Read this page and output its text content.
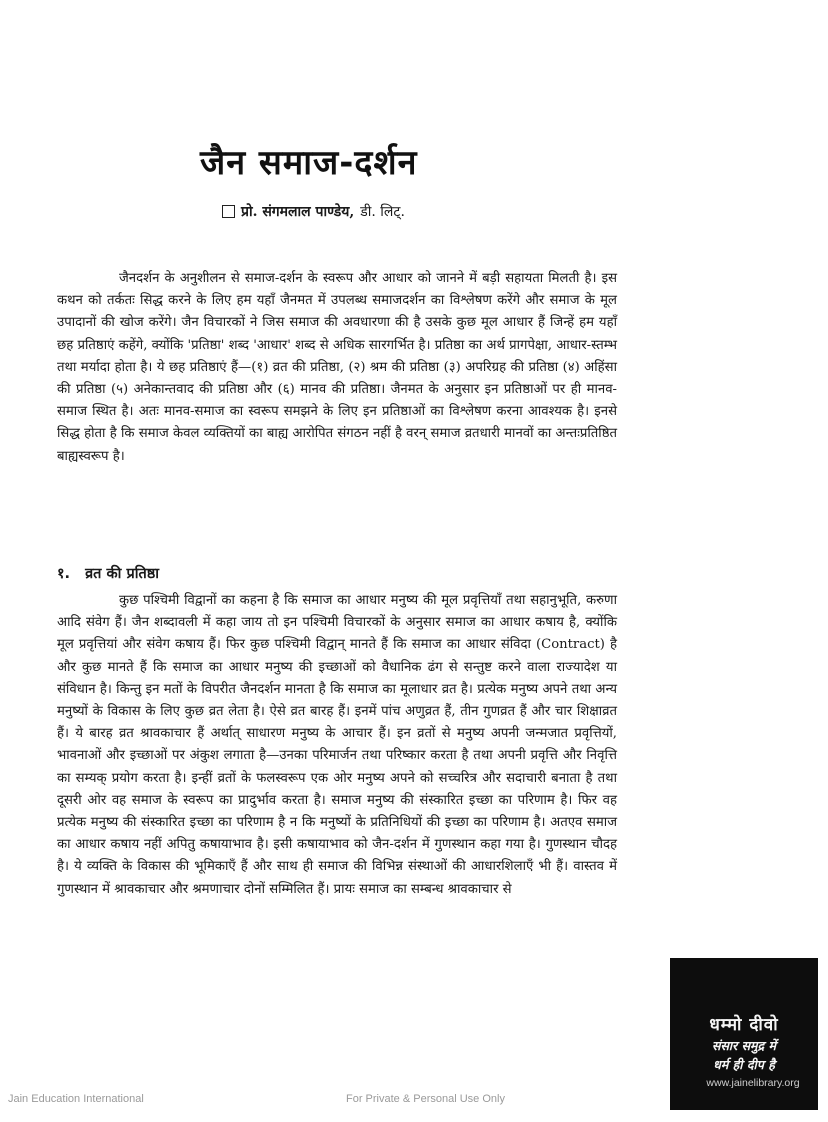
जैन समाज-दर्शन
प्रो. संगमलाल पाण्डेय, डी. लिट्.

जैनदर्शन के अनुशीलन से समाज-दर्शन के स्वरूप और आधार को जानने में बड़ी सहायता मिलती है। इस कथन को तर्कतः सिद्ध करने के लिए हम यहाँ जैनमत में उपलब्ध समाजदर्शन का विश्लेषण करेंगे और समाज के मूल उपादानों की खोज करेंगे। जैन विचारकों ने जिस समाज की अवधारणा की है उसके कुछ मूल आधार हैं जिन्हें हम यहाँ छह प्रतिष्ठाएं कहेंगे, क्योंकि 'प्रतिष्ठा' शब्द 'आधार' शब्द से अधिक सारगर्भित है। प्रतिष्ठा का अर्थ प्रागपेक्षा, आधार-स्तम्भ तथा मर्यादा होता है। ये छह प्रतिष्ठाएं हैं—(१) व्रत की प्रतिष्ठा, (२) श्रम की प्रतिष्ठा (३) अपरिग्रह की प्रतिष्ठा (४) अहिंसा की प्रतिष्ठा (५) अनेकान्तवाद की प्रतिष्ठा और (६) मानव की प्रतिष्ठा। जैनमत के अनुसार इन प्रतिष्ठाओं पर ही मानव-समाज स्थित है। अतः मानव-समाज का स्वरूप समझने के लिए इन प्रतिष्ठाओं का विश्लेषण करना आवश्यक है। इनसे सिद्ध होता है कि समाज केवल व्यक्तियों का बाह्य आरोपित संगठन नहीं है वरन् समाज व्रतधारी मानवों का अन्तःप्रतिष्ठित बाह्यस्वरूप है।

१. व्रत की प्रतिष्ठा

कुछ पश्चिमी विद्वानों का कहना है कि समाज का आधार मनुष्य की मूल प्रवृत्तियाँ तथा सहानुभूति, करुणा आदि संवेग हैं। जैन शब्दावली में कहा जाय तो इन पश्चिमी विचारकों के अनुसार समाज का आधार कषाय है, क्योंकि मूल प्रवृत्तियां और संवेग कषाय हैं। फिर कुछ पश्चिमी विद्वान् मानते हैं कि समाज का आधार संविदा (Contract) है और कुछ मानते हैं कि समाज का आधार मनुष्य की इच्छाओं को वैधानिक ढंग से सन्तुष्ट करने वाला राज्यादेश या संविधान है। किन्तु इन मतों के विपरीत जैनदर्शन मानता है कि समाज का मूलाधार व्रत है। प्रत्येक मनुष्य अपने तथा अन्य मनुष्यों के विकास के लिए कुछ व्रत लेता है। ऐसे व्रत बारह हैं। इनमें पांच अणुव्रत हैं, तीन गुणव्रत हैं और चार शिक्षाव्रत हैं। ये बारह व्रत श्रावकाचार हैं अर्थात् साधारण मनुष्य के आचार हैं। इन व्रतों से मनुष्य अपनी जन्मजात प्रवृत्तियों, भावनाओं और इच्छाओं पर अंकुश लगाता है—उनका परिमार्जन तथा परिष्कार करता है तथा अपनी प्रवृत्ति और निवृत्ति का सम्यक् प्रयोग करता है। इन्हीं व्रतों के फलस्वरूप एक ओर मनुष्य अपने को सच्चरित्र और सदाचारी बनाता है तथा दूसरी ओर वह समाज के स्वरूप का प्रादुर्भाव करता है। समाज मनुष्य की संस्कारित इच्छा का परिणाम है। फिर वह प्रत्येक मनुष्य की संस्कारित इच्छा का परिणाम है न कि मनुष्यों के प्रतिनिधियों की इच्छा का परिणाम है। अतएव समाज का आधार कषाय नहीं अपितु कषायाभाव है। इसी कषायाभाव को जैन-दर्शन में गुणस्थान कहा गया है। गुणस्थान चौदह है। ये व्यक्ति के विकास की भूमिकाएँ हैं और साथ ही समाज की विभिन्न संस्थाओं की आधारशिलाएँ भी हैं। वास्तव में गुणस्थान में श्रावकाचार और श्रमणाचार दोनों सम्मिलित हैं। प्रायः समाज का सम्बन्ध श्रावकाचार से

धम्मो दीवो
संसार समुद्र में
धर्म ही दीप है
www.jainelibrary.org
Jain Education International	For Private & Personal Use Only
